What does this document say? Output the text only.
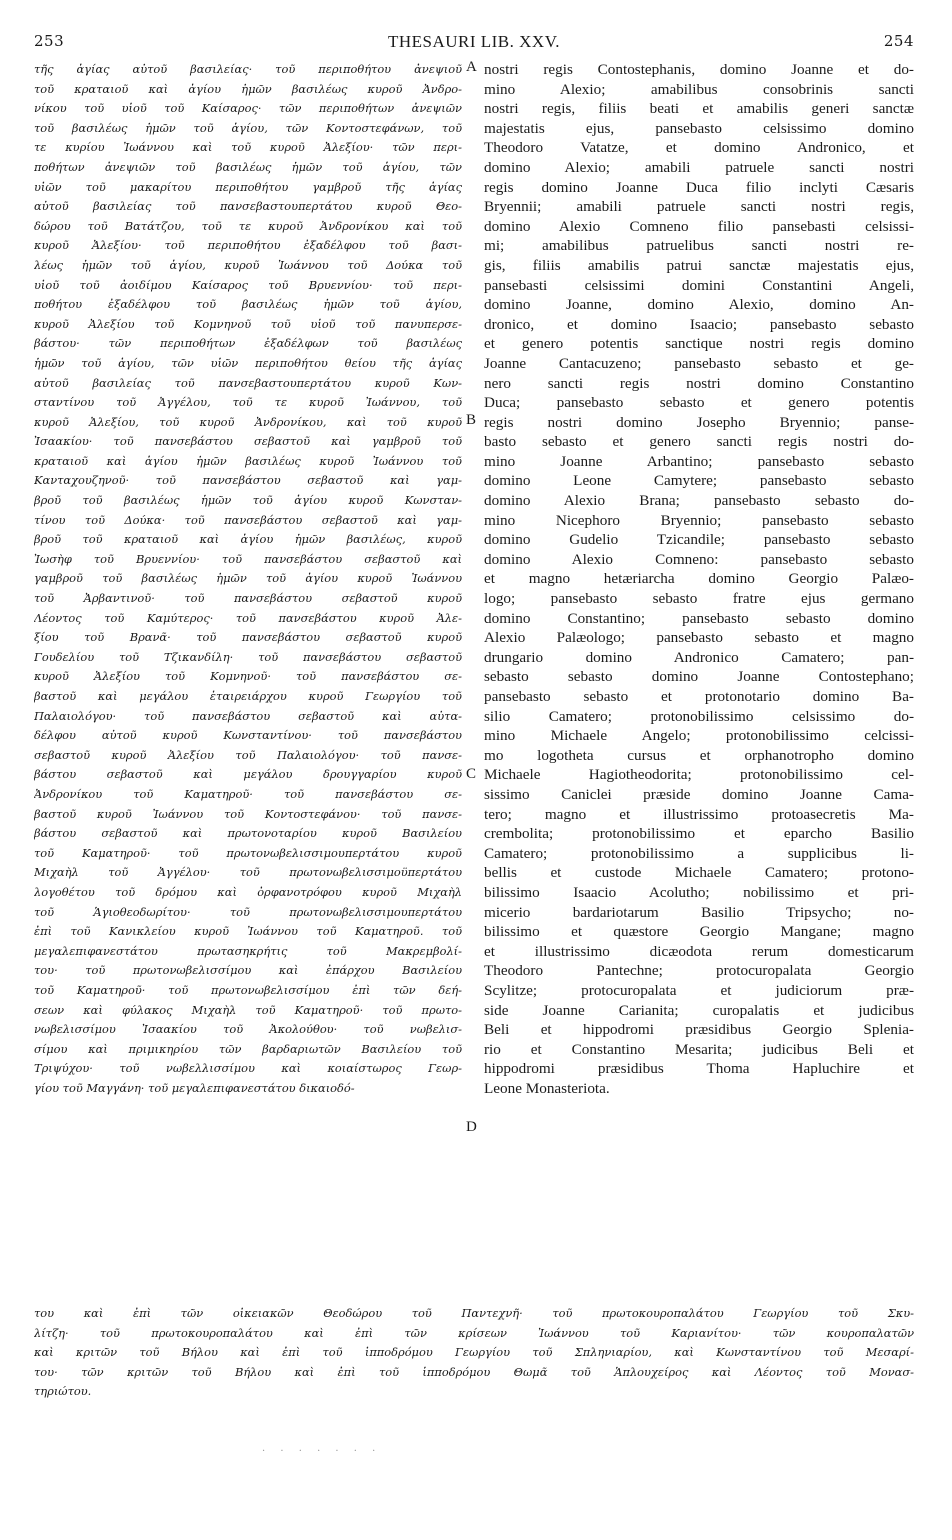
253	THESAURI LIB. XXV.	254
τῆς ἁγίας αὐτοῦ βασιλείας· τοῦ περιποθήτου ἀνεψιοῦ
τοῦ κραταιοῦ καὶ ἁγίου ἡμῶν βασιλέως κυροῦ Ἀνδρο-
νίκου τοῦ υἱοῦ τοῦ Καίσαρος· τῶν περιποθήτων ἀνεψιῶν
τοῦ βασιλέως ἡμῶν τοῦ ἁγίου, τῶν Κοντοστεφάνων, τοῦ
τε κυρίου Ἰωάννου καὶ τοῦ κυροῦ Ἀλεξίου· τῶν περι-
ποθήτων ἀνεψιῶν τοῦ βασιλέως ἡμῶν τοῦ ἁγίου, τῶν
υἱῶν τοῦ μακαρίτου περιποθήτου γαμβροῦ τῆς ἁγίας
αὐτοῦ βασιλείας τοῦ πανσεβαστουπερτάτου κυροῦ Θεο-
δώρου τοῦ Βατάτζου, τοῦ τε κυροῦ Ἀνδρονίκου καὶ τοῦ
κυροῦ Ἀλεξίου· τοῦ περιποθήτου ἐξαδέλφου τοῦ βασι-
λέως ἡμῶν τοῦ ἁγίου, κυροῦ Ἰωάννου τοῦ Δούκα τοῦ
υἱοῦ τοῦ ἀοιδίμου Καίσαρος τοῦ Βρυεννίου· τοῦ περι-
ποθήτου ἐξαδέλφου τοῦ βασιλέως ἡμῶν τοῦ ἁγίου,
κυροῦ Ἀλεξίου τοῦ Κομνηνοῦ τοῦ υἱοῦ τοῦ πανυπερσε-
βάστου· τῶν περιποθήτων ἐξαδέλφων τοῦ βασιλέως
ἡμῶν τοῦ ἁγίου, τῶν υἱῶν περιποθήτου θείου τῆς ἁγίας
αὐτοῦ βασιλείας τοῦ πανσεβαστουπερτάτου κυροῦ Κων-
σταντίνου τοῦ Ἀγγέλου, τοῦ τε κυροῦ Ἰωάννου, τοῦ
κυροῦ Ἀλεξίου, τοῦ κυροῦ Ἀνδρονίκου, καὶ τοῦ κυροῦ
Ἰσαακίου· τοῦ πανσεβάστου σεβαστοῦ καὶ γαμβροῦ τοῦ
κραταιοῦ καὶ ἁγίου ἡμῶν βασιλέως κυροῦ Ἰωάννου τοῦ
Κανταχουζηνοῦ· τοῦ πανσεβάστου σεβαστοῦ καὶ γαμ-
βροῦ τοῦ βασιλέως ἡμῶν τοῦ ἁγίου κυροῦ Κωνσταν-
τίνου τοῦ Δούκα· τοῦ πανσεβάστου σεβαστοῦ καὶ γαμ-
βροῦ τοῦ κραταιοῦ καὶ ἁγίου ἡμῶν βασιλέως, κυροῦ
Ἰωσὴφ τοῦ Βρυεννίου· τοῦ πανσεβάστου σεβαστοῦ καὶ
γαμβροῦ τοῦ βασιλέως ἡμῶν τοῦ ἁγίου κυροῦ Ἰωάννου
τοῦ Ἀρβαντινοῦ· τοῦ πανσεβάστου σεβαστοῦ κυροῦ
Λέοντος τοῦ Καμύτερος· τοῦ πανσεβάστου κυροῦ Ἀλε-
ξίου τοῦ Βρανᾶ· τοῦ πανσεβάστου σεβαστοῦ κυροῦ
Γουδελίου τοῦ Τζικανδίλη· τοῦ πανσεβάστου σεβαστοῦ
κυροῦ Ἀλεξίου τοῦ Κομνηνοῦ· τοῦ πανσεβάστου σε-
βαστοῦ καὶ μεγάλου ἑταιρειάρχου κυροῦ Γεωργίου τοῦ
Παλαιολόγου· τοῦ πανσεβάστου σεβαστοῦ καὶ αὐτα-
δέλφου αὐτοῦ κυροῦ Κωνσταντίνου· τοῦ πανσεβάστου
σεβαστοῦ κυροῦ Ἀλεξίου τοῦ Παλαιολόγου· τοῦ πανσε-
βάστου σεβαστοῦ καὶ μεγάλου δρουγγαρίου κυροῦ
Ἀνδρονίκου τοῦ Καματηροῦ· τοῦ πανσεβάστου σε-
βαστοῦ κυροῦ Ἰωάννου τοῦ Κοντοστεφάνου· τοῦ πανσε-
βάστου σεβαστοῦ καὶ πρωτονοταρίου κυροῦ Βασιλείου
τοῦ Καματηροῦ· τοῦ πρωτονωβελισσιμουπερτάτου κυροῦ
Μιχαὴλ τοῦ Ἀγγέλου· τοῦ πρωτονωβελισσιμοϋπερτάτου
λογοθέτου τοῦ δρόμου καὶ ὀρφανοτρόφου κυροῦ Μιχαὴλ
τοῦ Ἁγιοθεοδωρίτου· τοῦ πρωτονωβελισσιμουπερτάτου
ἐπὶ τοῦ Κανικλείου κυροῦ Ἰωάννου τοῦ Καματηροῦ. τοῦ
μεγαλεπιφανεστάτου πρωτασηκρήτις τοῦ Μακρεμβολί-
του· τοῦ πρωτονωβελισσίμου καὶ ἐπάρχου Βασιλείου
τοῦ Καματηροῦ· τοῦ πρωτονωβελισσίμου ἐπὶ τῶν δεή-
σεων καὶ φύλακος Μιχαὴλ τοῦ Καματηροῦ· τοῦ πρωτο-
νωβελισσίμου Ἰσαακίου τοῦ Ἀκολούθου· τοῦ νωβελισ-
σίμου καὶ πριμικηρίου τῶν βαρδαριωτῶν Βασιλείου τοῦ
Τριψύχου· τοῦ νωβελλισσίμου καὶ κοιαίστωρος Γεωρ-
γίου τοῦ Μαγγάνη· τοῦ μεγαλεπιφανεστάτου δικαιοδό-
nostri regis Contostephanis, domino Joanne et do-
mino Alexio; amabilibus consobrinis sancti
nostri regis, filiis beati et amabilis generi sanctæ
majestatis ejus, pansebasto celsissimo domino
Theodoro Vatatze, et domino Andronico, et
domino Alexio; amabili patruele sancti nostri
regis domino Joanne Duca filio inclyti Cæsaris
Bryennii; amabili patruele sancti nostri regis,
domino Alexio Comneno filio pansebasti celsissi-
mi; amabilibus patruelibus sancti nostri re-
gis, filiis amabilis patrui sanctæ majestatis ejus,
pansebasti celsissimi domini Constantini Angeli,
domino Joanne, domino Alexio, domino An-
dronico, et domino Isaacio; pansebasto sebasto
et genero potentis sanctique nostri regis domino
Joanne Cantacuzeno; pansebasto sebasto et ge-
nero sancti regis nostri domino Constantino
Duca; pansebasto sebasto et genero potentis
regis nostri domino Josepho Bryennio; panse-
basto sebasto et genero sancti regis nostri do-
mino Joanne Arbantino; pansebasto sebasto
domino Leone Camytere; pansebasto sebasto
domino Alexio Brana; pansebasto sebasto do-
mino Nicephoro Bryennio; pansebasto sebasto
domino Gudelio Tzicandile; pansebasto sebasto
domino Alexio Comneno: pansebasto sebasto
et magno hetæriarcha domino Georgio Palæo-
logo; pansebasto sebasto fratre ejus germano
domino Constantino; pansebasto sebasto domino
Alexio Palæologo; pansebasto sebasto et magno
drungario domino Andronico Camatero; pan-
sebasto sebasto domino Joanne Contostephano;
pansebasto sebasto et protonotario domino Ba-
silio Camatero; protonobilissimo celsissimo do-
mino Michaele Angelo; protonobilissimo celcissi-
mo logotheta cursus et orphanotropho domino
Michaele Hagiotheodorita; protonobilissimo cel-
sissimo Caniclei præside domino Joanne Cama-
tero; magno et illustrissimo protoasecretis Ma-
crembolita; protonobilissimo et eparcho Basilio
Camatero; protonobilissimo a supplicibus li-
bellis et custode Michaele Camatero; protono-
bilissimo Isaacio Acolutho; nobilissimo et pri-
micerio bardariotarum Basilio Tripsycho; no-
bilissimo et quæstore Georgio Mangane; magno
et illustrissimo dicæodota rerum domesticarum
Theodoro Pantechne; protocuropalata Georgio
Scylitze; protocuropalata et judiciorum præ-
side Joanne Carianita; curopalatis et judicibus
Beli et hippodromi præsidibus Georgio Splenia-
rio et Constantino Mesarita; judicibus Beli et
hippodromi præsidibus Thoma Hapluchire et
Leone Monasteriota.
του καὶ ἐπὶ τῶν οἰκειακῶν Θεοδώρου τοῦ Παντεχνῆ· τοῦ πρωτοκουροπαλάτου Γεωργίου τοῦ Σκυ-
λίτζη· τοῦ πρωτοκουροπαλάτου καὶ ἐπὶ τῶν κρίσεων Ἰωάννου τοῦ Καριανίτου· τῶν κουροπαλατῶν
καὶ κριτῶν τοῦ Βήλου καὶ ἐπὶ τοῦ ἱπποδρόμου Γεωργίου τοῦ Σπληνιαρίου, καὶ Κωνσταντίνου τοῦ Μεσαρί-
του· τῶν κριτῶν τοῦ Βήλου καὶ ἐπὶ τοῦ ἱπποδρόμου Θωμᾶ τοῦ Ἁπλουχείρος καὶ Λέοντος τοῦ Μονασ-
τηριώτου.
A
B
C
D
· · · · · · ·
